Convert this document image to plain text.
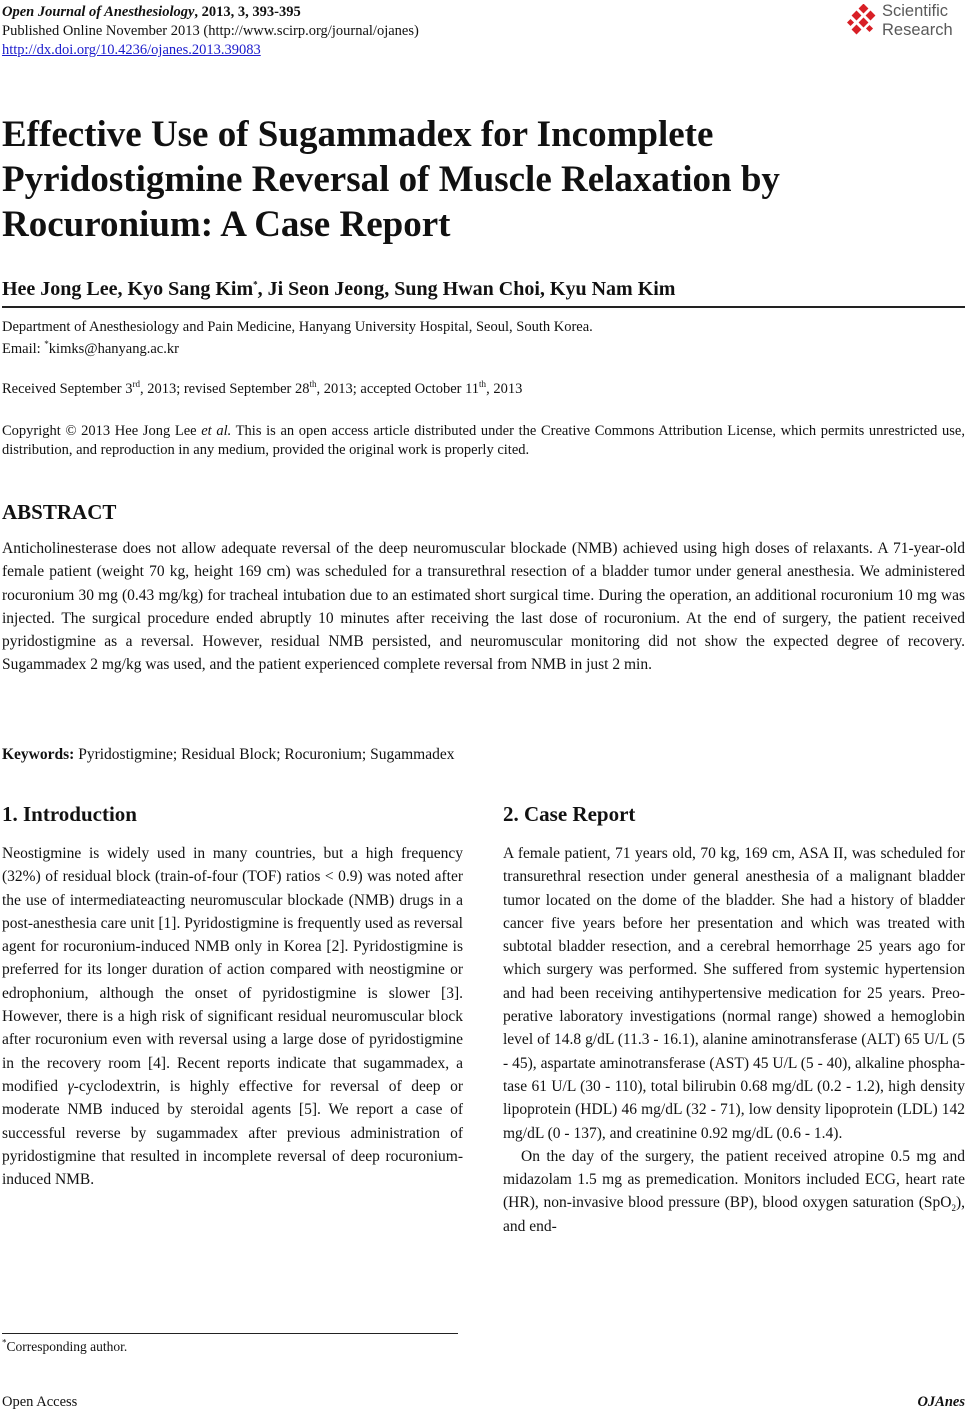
Open Journal of Anesthesiology, 2013, 3, 393-395
Published Online November 2013 (http://www.scirp.org/journal/ojanes)
http://dx.doi.org/10.4236/ojanes.2013.39083
Scientific
Research
Effective Use of Sugammadex for Incomplete Pyridostigmine Reversal of Muscle Relaxation by Rocuronium: A Case Report
Hee Jong Lee, Kyo Sang Kim*, Ji Seon Jeong, Sung Hwan Choi, Kyu Nam Kim
Department of Anesthesiology and Pain Medicine, Hanyang University Hospital, Seoul, South Korea.
Email: *kimks@hanyang.ac.kr
Received September 3rd, 2013; revised September 28th, 2013; accepted October 11th, 2013
Copyright © 2013 Hee Jong Lee et al. This is an open access article distributed under the Creative Commons Attribution License, which permits unrestricted use, distribution, and reproduction in any medium, provided the original work is properly cited.
ABSTRACT
Anticholinesterase does not allow adequate reversal of the deep neuromuscular blockade (NMB) achieved using high doses of relaxants. A 71-year-old female patient (weight 70 kg, height 169 cm) was scheduled for a transurethral resection of a bladder tumor under general anesthesia. We administered rocuronium 30 mg (0.43 mg/kg) for tracheal intubation due to an estimated short surgical time. During the operation, an additional rocuronium 10 mg was injected. The surgical procedure ended abruptly 10 minutes after receiving the last dose of rocuronium. At the end of surgery, the patient received pyridostigmine as a reversal. However, residual NMB persisted, and neuromuscular monitoring did not show the expected degree of recovery. Sugammadex 2 mg/kg was used, and the patient experienced complete reversal from NMB in just 2 min.
Keywords: Pyridostigmine; Residual Block; Rocuronium; Sugammadex
1. Introduction

Neostigmine is widely used in many countries, but a high frequency (32%) of residual block (train-of-four (TOF) ratios < 0.9) was noted after the use of intermediateacting neuromuscular blockade (NMB) drugs in a post-anesthesia care unit [1]. Pyridostigmine is frequently used as reversal agent for rocuronium-induced NMB only in Korea [2]. Pyridostigmine is preferred for its longer duration of action compared with neostigmine or edrophonium, although the onset of pyridostigmine is slower [3]. However, there is a high risk of significant residual neuromuscular block after rocuronium even with reversal using a large dose of pyridostigmine in the recovery room [4]. Recent reports indicate that sugammadex, a modified γ-cyclodextrin, is highly effective for reversal of deep or moderate NMB induced by steroidal agents [5]. We report a case of successful reverse by sugammadex after previous administration of pyridostigmine that resulted in incomplete reversal of deep rocuronium-induced NMB.

*Corresponding author.
2. Case Report

A female patient, 71 years old, 70 kg, 169 cm, ASA II, was scheduled for transurethral resection under general anesthesia of a malignant bladder tumor located on the dome of the bladder. She had a history of bladder cancer five years before her presentation and which was treated with subtotal bladder resection, and a cerebral hemorrhage 25 years ago for which surgery was performed. She suffered from systemic hypertension and had been receiving antihypertensive medication for 25 years. Preoperative laboratory investigations (normal range) showed a hemoglobin level of 14.8 g/dL (11.3 - 16.1), alanine aminotransferase (ALT) 65 U/L (5 - 45), aspartate aminotransferase (AST) 45 U/L (5 - 40), alkaline phosphatase 61 U/L (30 - 110), total bilirubin 0.68 mg/dL (0.2 - 1.2), high density lipoprotein (HDL) 46 mg/dL (32 - 71), low density lipoprotein (LDL) 142 mg/dL (0 - 137), and creatinine 0.92 mg/dL (0.6 - 1.4).

On the day of the surgery, the patient received atropine 0.5 mg and midazolam 1.5 mg as premedication. Monitors included ECG, heart rate (HR), non-invasive blood pressure (BP), blood oxygen saturation (SpO$_2$), and end-

Open Access	OJAnes
